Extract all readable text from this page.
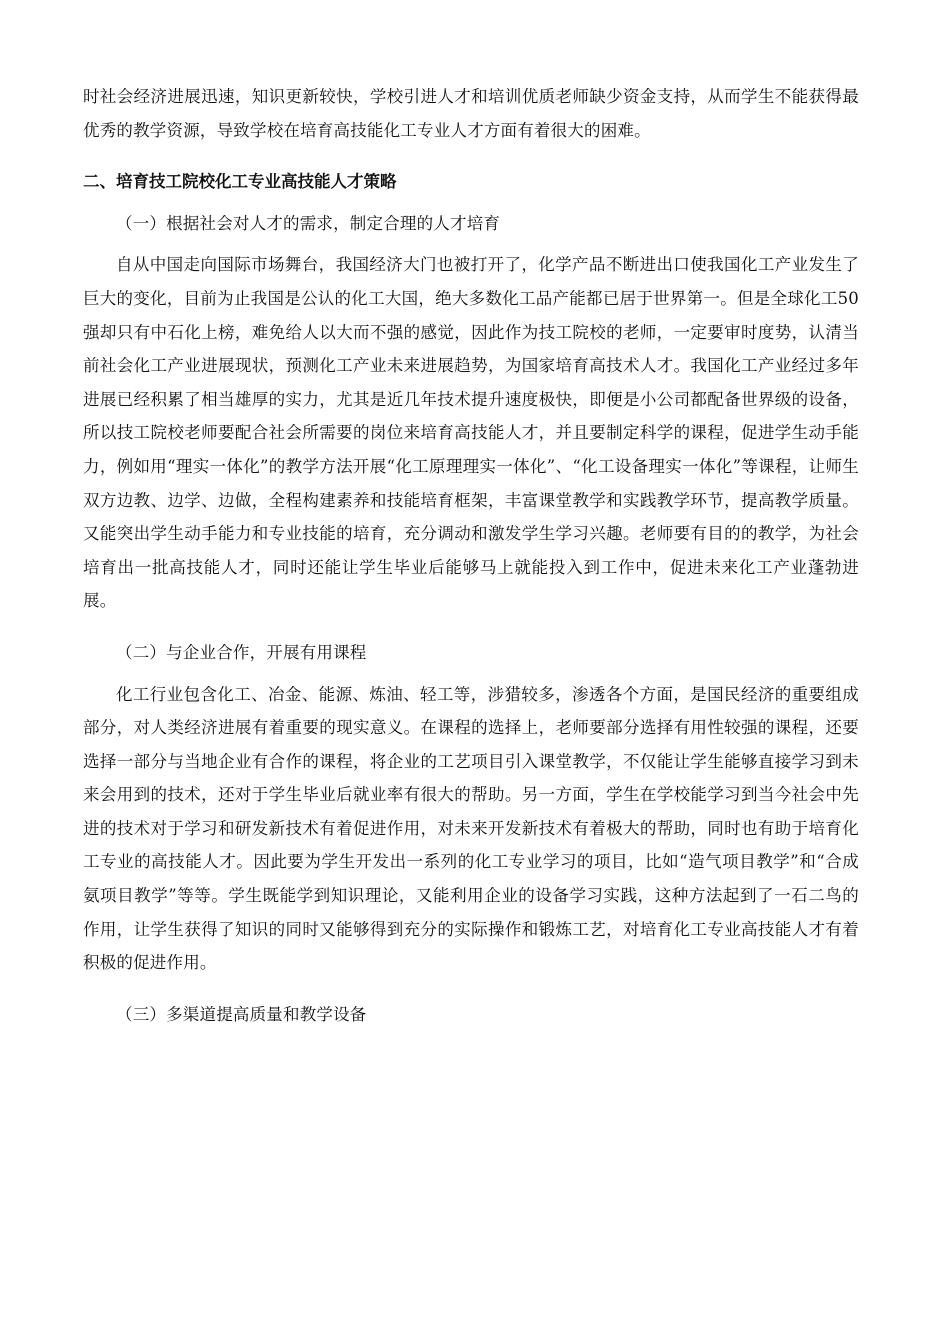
时社会经济进展迅速，知识更新较快，学校引进人才和培训优质老师缺少资金支持，从而学生不能获得最优秀的教学资源，导致学校在培育高技能化工专业人才方面有着很大的困难。

二、培育技工院校化工专业高技能人才策略

（一）根据社会对人才的需求，制定合理的人才培育

自从中国走向国际市场舞台，我国经济大门也被打开了，化学产品不断进出口使我国化工产业发生了巨大的变化，目前为止我国是公认的化工大国，绝大多数化工品产能都已居于世界第一。但是全球化工50强却只有中石化上榜，难免给人以大而不强的感觉，因此作为技工院校的老师，一定要审时度势，认清当前社会化工产业进展现状，预测化工产业未来进展趋势，为国家培育高技术人才。我国化工产业经过多年进展已经积累了相当雄厚的实力，尤其是近几年技术提升速度极快，即便是小公司都配备世界级的设备，所以技工院校老师要配合社会所需要的岗位来培育高技能人才，并且要制定科学的课程，促进学生动手能力，例如用“理实一体化”的教学方法开展“化工原理理实一体化”、“化工设备理实一体化”等课程，让师生双方边教、边学、边做，全程构建素养和技能培育框架，丰富课堂教学和实践教学环节，提高教学质量。又能突出学生动手能力和专业技能的培育，充分调动和激发学生学习兴趣。老师要有目的的教学，为社会培育出一批高技能人才，同时还能让学生毕业后能够马上就能投入到工作中，促进未来化工产业蓬勃进展。

（二）与企业合作，开展有用课程

化工行业包含化工、冶金、能源、炼油、轻工等，涉猎较多，渗透各个方面，是国民经济的重要组成部分，对人类经济进展有着重要的现实意义。在课程的选择上，老师要部分选择有用性较强的课程，还要选择一部分与当地企业有合作的课程，将企业的工艺项目引入课堂教学，不仅能让学生能够直接学习到未来会用到的技术，还对于学生毕业后就业率有很大的帮助。另一方面，学生在学校能学习到当今社会中先进的技术对于学习和研发新技术有着促进作用，对未来开发新技术有着极大的帮助，同时也有助于培育化工专业的高技能人才。因此要为学生开发出一系列的化工专业学习的项目，比如“造气项目教学”和“合成氨项目教学”等等。学生既能学到知识理论，又能利用企业的设备学习实践，这种方法起到了一石二鸟的作用，让学生获得了知识的同时又能够得到充分的实际操作和锻炼工艺，对培育化工专业高技能人才有着积极的促进作用。

（三）多渠道提高质量和教学设备
